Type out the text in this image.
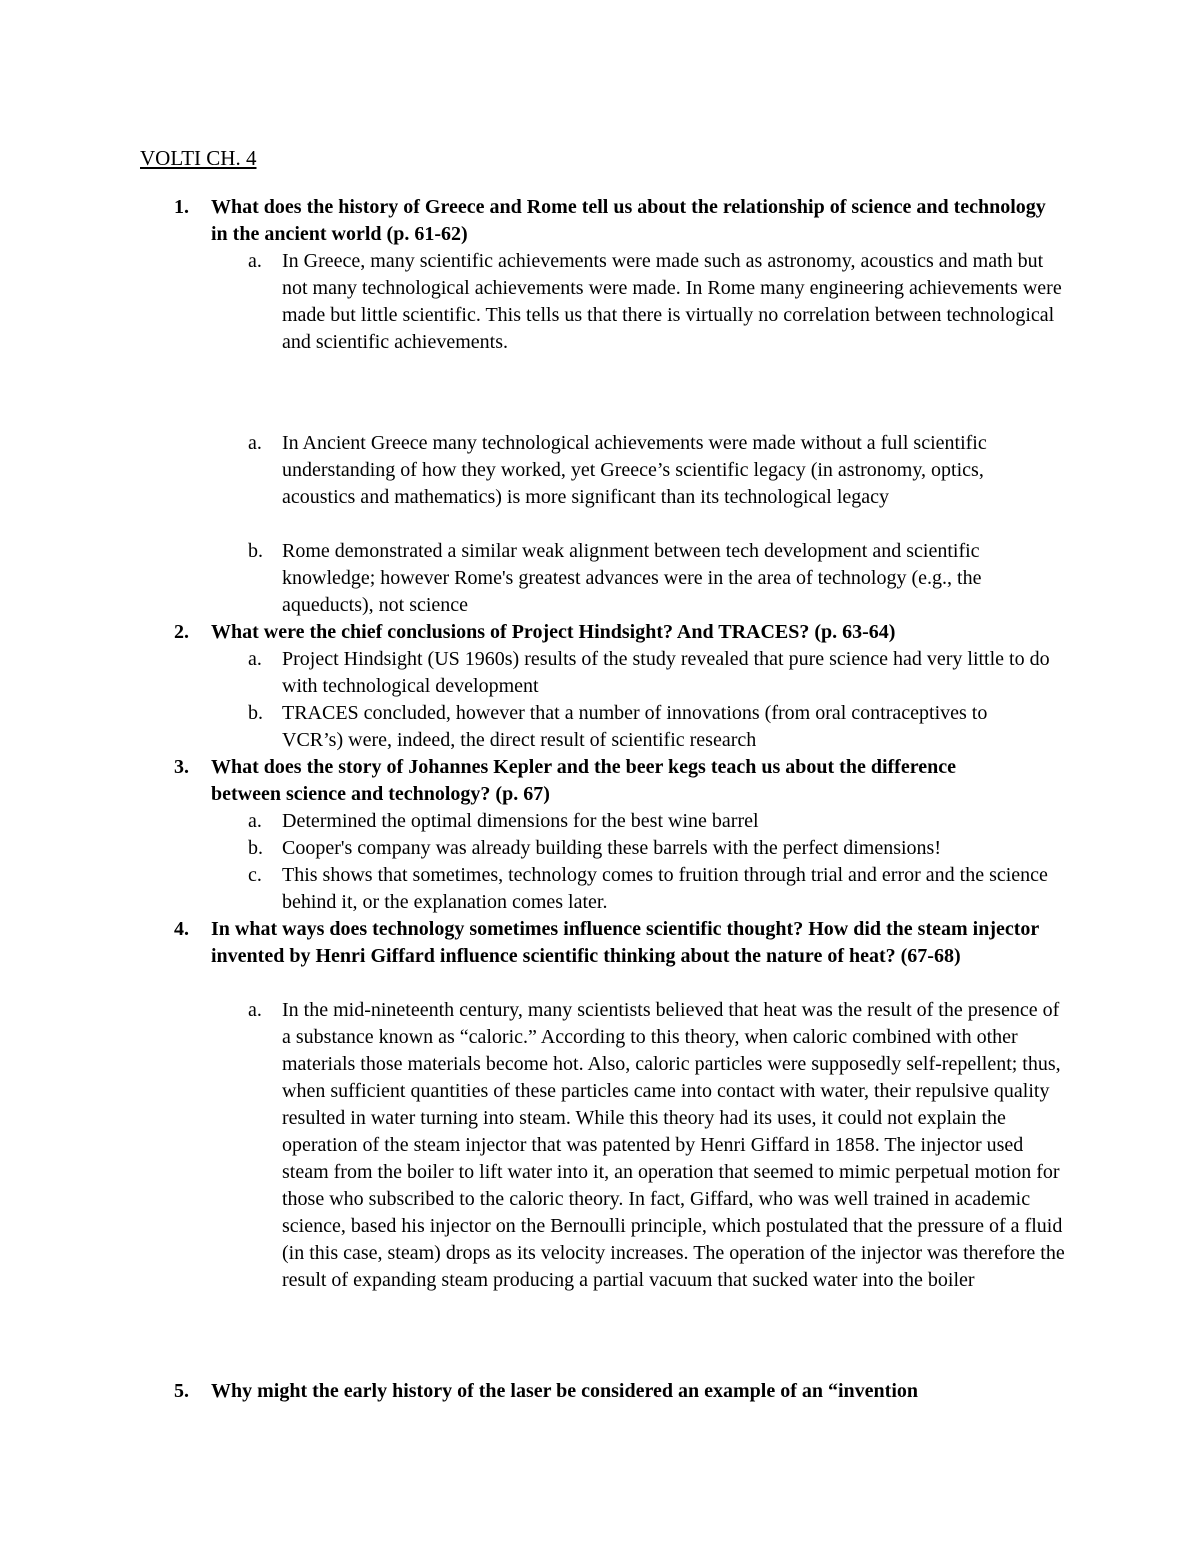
VOLTI CH. 4
1.	What does the history of Greece and Rome tell us about the relationship of science and technology in the ancient world (p. 61-62)
a.	In Greece, many scientific achievements were made such as astronomy, acoustics and math but not many technological achievements were made. In Rome many engineering achievements were made but little scientific. This tells us that there is virtually no correlation between technological and scientific achievements.
a.	In Ancient Greece many technological achievements were made without a full scientific understanding of how they worked, yet Greece’s scientific legacy (in astronomy, optics, acoustics and mathematics) is more significant than its technological legacy
b. Rome demonstrated a similar weak alignment between tech development and scientific knowledge; however Rome's greatest advances were in the area of technology (e.g., the aqueducts), not science
2.	What were the chief conclusions of Project Hindsight? And TRACES? (p. 63-64)
a.	Project Hindsight (US 1960s) results of the study revealed that pure science had very little to do with technological development
b. TRACES concluded, however that a number of innovations (from oral contraceptives to VCR’s) were, indeed, the direct result of scientific research
3.	What does the story of Johannes Kepler and the beer kegs teach us about the difference between science and technology? (p. 67)
a.	Determined the optimal dimensions for the best wine barrel
b. Cooper's company was already building these barrels with the perfect dimensions!
c.	This shows that sometimes, technology comes to fruition through trial and error and the science behind it, or the explanation comes later.
4.	In what ways does technology sometimes influence scientific thought? How did the steam injector invented by Henri Giffard influence scientific thinking about the nature of heat? (67-68)
a.	In the mid-nineteenth century, many scientists believed that heat was the result of the presence of a substance known as “caloric.” According to this theory, when caloric combined with other materials those materials become hot. Also, caloric particles were supposedly self-repellent; thus, when sufficient quantities of these particles came into contact with water, their repulsive quality resulted in water turning into steam. While this theory had its uses, it could not explain the operation of the steam injector that was patented by Henri Giffard in 1858. The injector used steam from the boiler to lift water into it, an operation that seemed to mimic perpetual motion for those who subscribed to the caloric theory. In fact, Giffard, who was well trained in academic science, based his injector on the Bernoulli principle, which postulated that the pressure of a fluid (in this case, steam) drops as its velocity increases. The operation of the injector was therefore the result of expanding steam producing a partial vacuum that sucked water into the boiler
5.	Why might the early history of the laser be considered an example of an “invention
